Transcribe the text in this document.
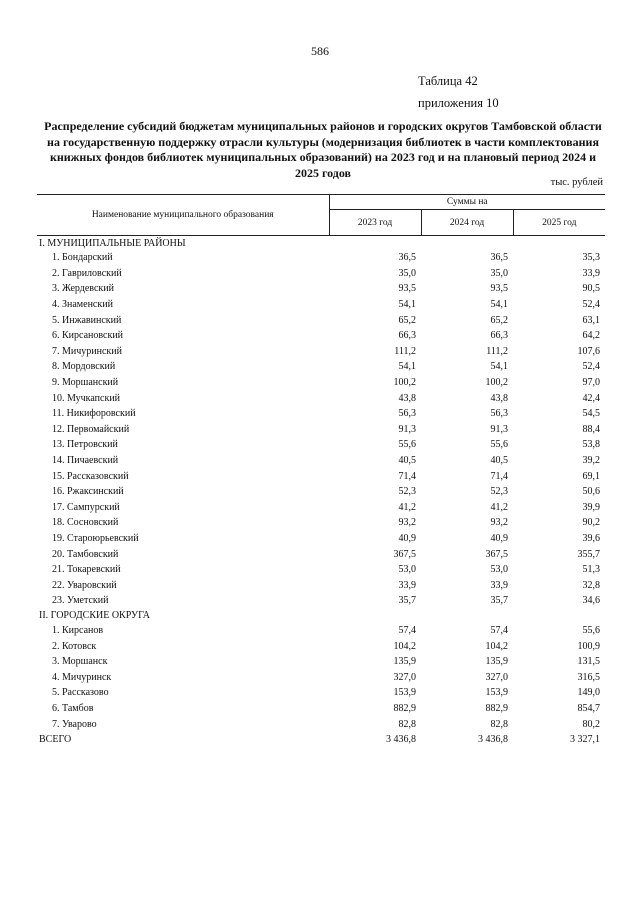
586
Таблица 42
приложения 10
Распределение субсидий бюджетам муниципальных районов и городских округов Тамбовской области на государственную поддержку отрасли культуры (модернизация библиотек в части комплектования книжных фондов библиотек муниципальных образований) на 2023 год и на плановый период 2024 и 2025 годов
тыс. рублей
Наименование муниципального образования	Суммы на		
	2023 год	2024 год	2025 год
I. МУНИЦИПАЛЬНЫЕ РАЙОНЫ			
1. Бондарский	36,5	36,5	35,3
2. Гавриловский	35,0	35,0	33,9
3. Жердевский	93,5	93,5	90,5
4. Знаменский	54,1	54,1	52,4
5. Инжавинский	65,2	65,2	63,1
6. Кирсановский	66,3	66,3	64,2
7. Мичуринский	111,2	111,2	107,6
8. Мордовский	54,1	54,1	52,4
9. Моршанский	100,2	100,2	97,0
10. Мучкапский	43,8	43,8	42,4
11. Никифоровский	56,3	56,3	54,5
12. Первомайский	91,3	91,3	88,4
13. Петровский	55,6	55,6	53,8
14. Пичаевский	40,5	40,5	39,2
15. Рассказовский	71,4	71,4	69,1
16. Ржаксинский	52,3	52,3	50,6
17. Сампурский	41,2	41,2	39,9
18. Сосновский	93,2	93,2	90,2
19. Староюрьевский	40,9	40,9	39,6
20. Тамбовский	367,5	367,5	355,7
21. Токаревский	53,0	53,0	51,3
22. Уваровский	33,9	33,9	32,8
23. Уметский	35,7	35,7	34,6
II. ГОРОДСКИЕ ОКРУГА			
1. Кирсанов	57,4	57,4	55,6
2. Котовск	104,2	104,2	100,9
3. Моршанск	135,9	135,9	131,5
4. Мичуринск	327,0	327,0	316,5
5. Рассказово	153,9	153,9	149,0
6. Тамбов	882,9	882,9	854,7
7. Уварово	82,8	82,8	80,2
ВСЕГО	3 436,8	3 436,8	3 327,1
